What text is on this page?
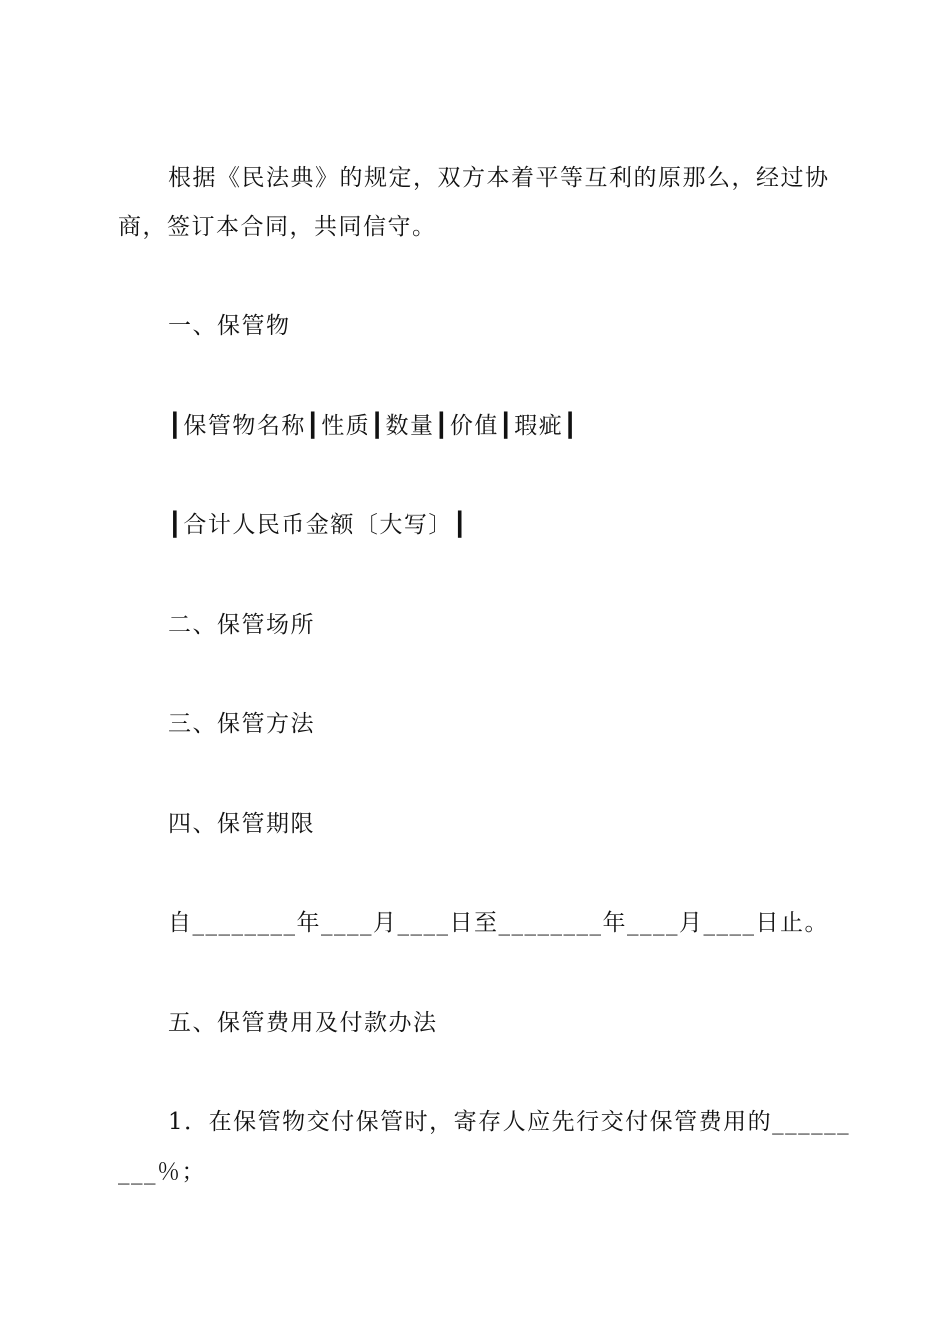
根据《民法典》的规定，双方本着平等互利的原那么，经过协
商，签订本合同，共同信守。
一、保管物
┃保管物名称┃性质┃数量┃价值┃瑕疵┃
┃合计人民币金额〔大写〕┃
二、保管场所
三、保管方法
四、保管期限
自________年____月____日至________年____月____日止。
五、保管费用及付款办法
1．在保管物交付保管时，寄存人应先行交付保管费用的______
___％；
